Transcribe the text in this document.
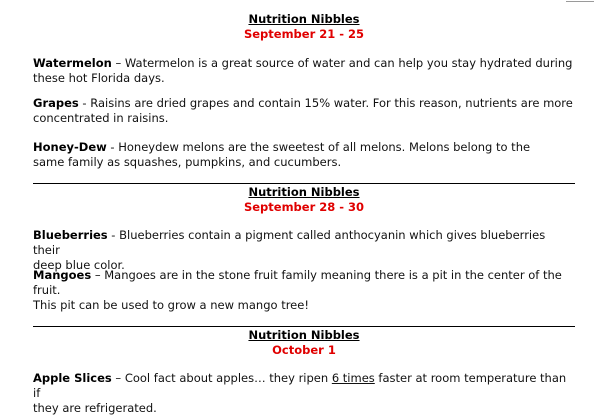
Nutrition Nibbles
September 21 - 25

Watermelon – Watermelon is a great source of water and can help you stay hydrated during
these hot Florida days.

Grapes - Raisins are dried grapes and contain 15% water. For this reason, nutrients are more
concentrated in raisins.

Honey-Dew - Honeydew melons are the sweetest of all melons. Melons belong to the
same family as squashes, pumpkins, and cucumbers.

Nutrition Nibbles
September 28 - 30

Blueberries - Blueberries contain a pigment called anthocyanin which gives blueberries their
deep blue color.

Mangoes – Mangoes are in the stone fruit family meaning there is a pit in the center of the fruit.
This pit can be used to grow a new mango tree!

Nutrition Nibbles
October 1

Apple Slices – Cool fact about apples… they ripen 6 times faster at room temperature than if
they are refrigerated.
